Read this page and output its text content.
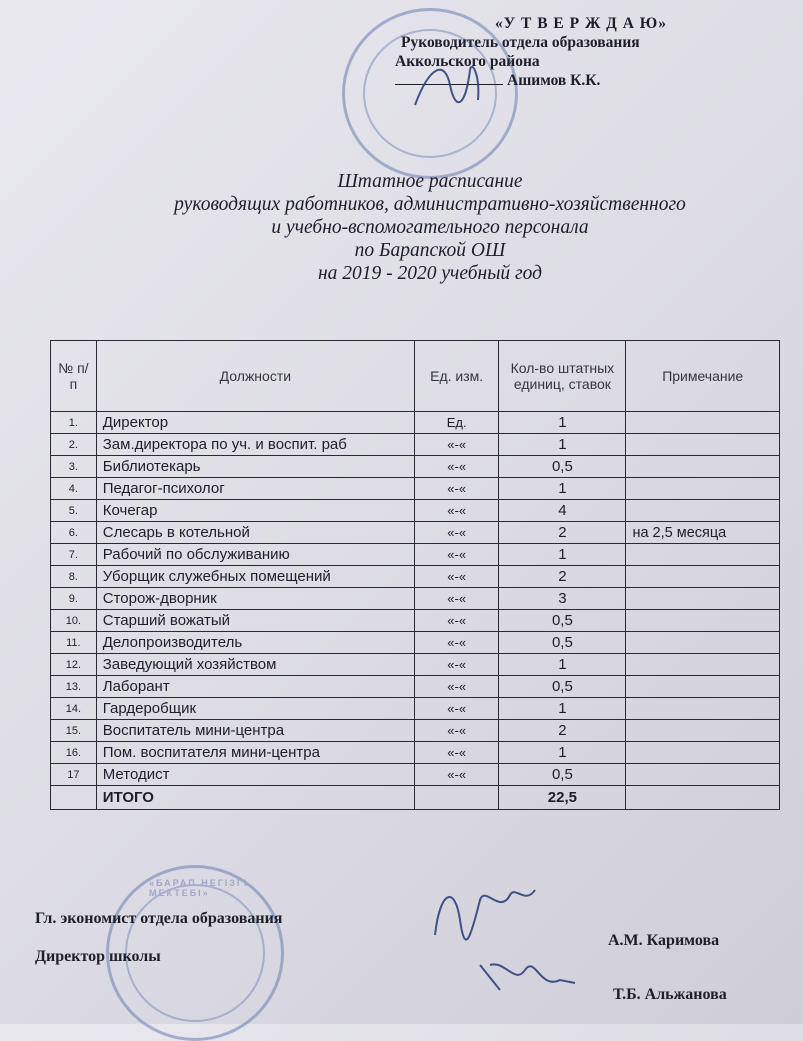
«БАРАП НЕГІЗГІ МЕКТЕБІ»
«У Т В Е Р Ж Д А Ю»
Руководитель отдела образования
Аккольского района
Ашимов К.К.
Штатное расписание
руководящих работников, административно-хозяйственного
и учебно-вспомогательного персонала
по Барапской ОШ
на 2019 - 2020 учебный год
№ п/п	Должности	Ед. изм.	Кол-во штатных единиц, ставок	Примечание
1.	Директор	Ед.	1	
2.	Зам.директора по уч. и воспит. раб	«-«	1	
3.	Библиотекарь	«-«	0,5	
4.	Педагог-психолог	«-«	1	
5.	Кочегар	«-«	4	
6.	Слесарь в котельной	«-«	2	на 2,5 месяца
7.	Рабочий по обслуживанию	«-«	1	
8.	Уборщик служебных помещений	«-«	2	
9.	Сторож-дворник	«-«	3	
10.	Старший вожатый	«-«	0,5	
11.	Делопроизводитель	«-«	0,5	
12.	Заведующий хозяйством	«-«	1	
13.	Лаборант	«-«	0,5	
14.	Гардеробщик	«-«	1	
15.	Воспитатель мини-центра	«-«	2	
16.	Пом. воспитателя мини-центра	«-«	1	
17	Методист	«-«	0,5	
	ИТОГО		22,5	
Гл. экономист отдела образования
А.М. Каримова
Директор школы
Т.Б. Альжанова
